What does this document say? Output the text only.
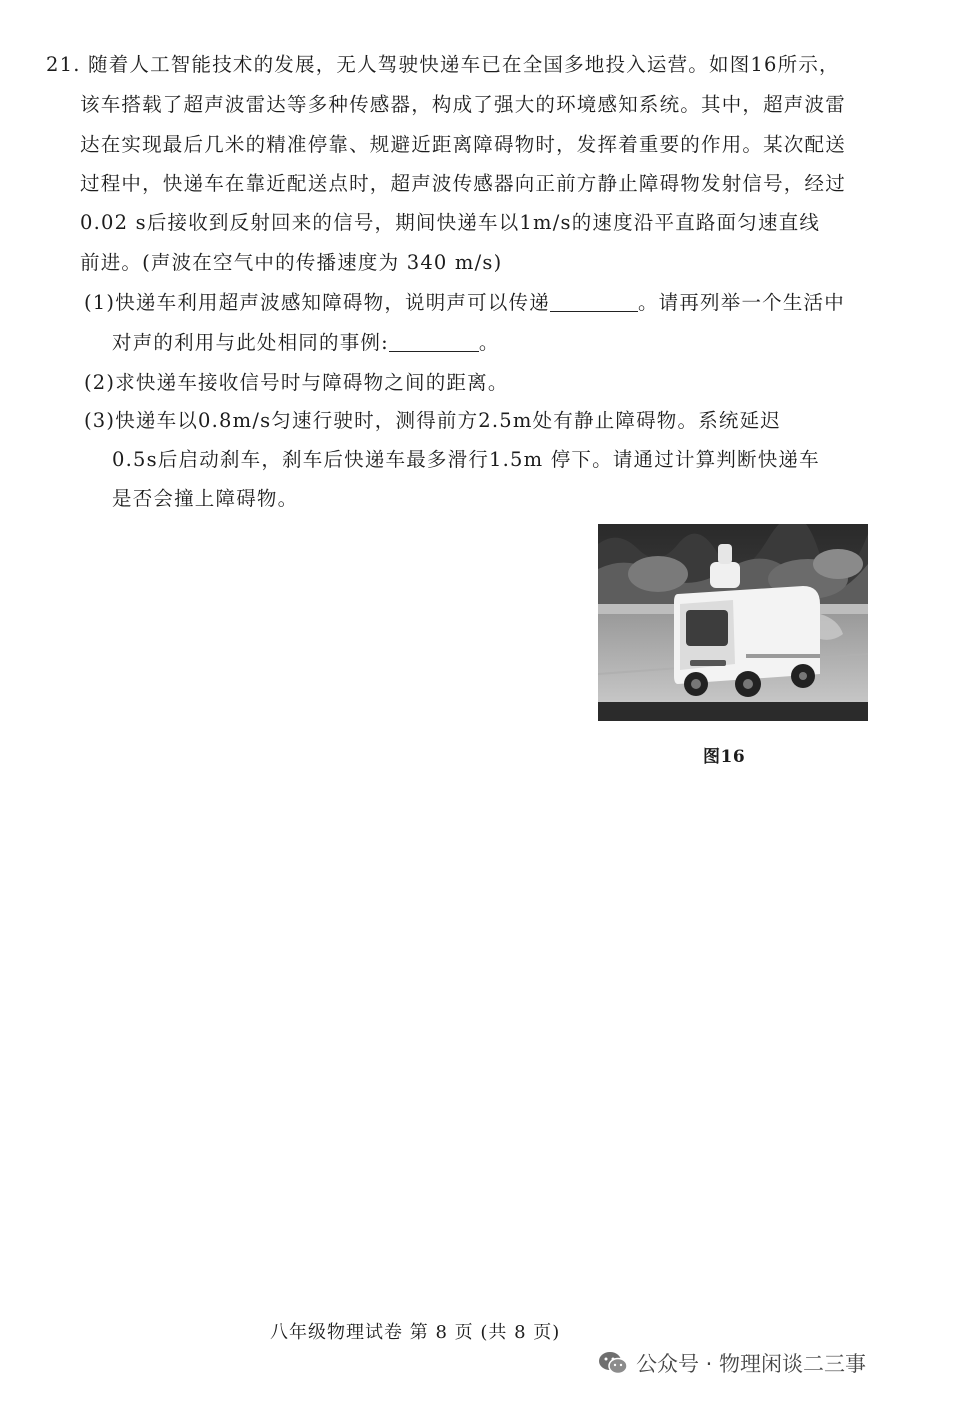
21. 随着人工智能技术的发展，无人驾驶快递车已在全国多地投入运营。如图16所示，
该车搭载了超声波雷达等多种传感器，构成了强大的环境感知系统。其中，超声波雷
达在实现最后几米的精准停靠、规避近距离障碍物时，发挥着重要的作用。某次配送
过程中，快递车在靠近配送点时，超声波传感器向正前方静止障碍物发射信号，经过
0.02 s后接收到反射回来的信号，期间快递车以1m/s的速度沿平直路面匀速直线
前进。(声波在空气中的传播速度为 340 m/s)
(1)快递车利用超声波感知障碍物，说明声可以传递	。请再列举一个生活中
对声的利用与此处相同的事例:	。
(2)求快递车接收信号时与障碍物之间的距离。
(3)快递车以0.8m/s匀速行驶时，测得前方2.5m处有静止障碍物。系统延迟
0.5s后启动刹车，刹车后快递车最多滑行1.5m 停下。请通过计算判断快递车
是否会撞上障碍物。
图16
八年级物理试卷 第 8 页 (共 8 页)
公众号 · 物理闲谈二三事
